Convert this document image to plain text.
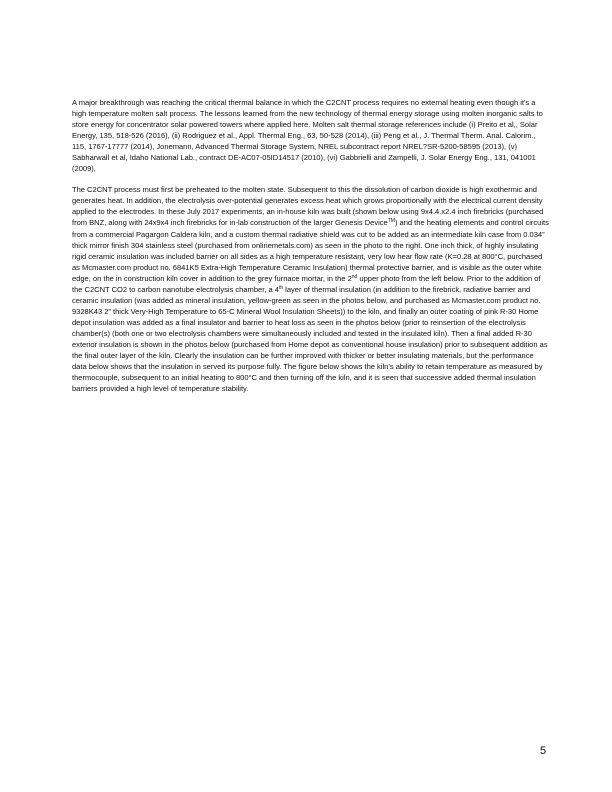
A major breakthrough was reaching the critical thermal balance in which the C2CNT process requires no external heating even though it's a high temperature molten salt process. The lessons learned from the new technology of thermal energy storage using molten inorganic salts to store energy for concentrator solar powered towers where applied here. Molten salt thermal storage references include (i) Preito et al,, Solar Energy, 135, 518-526 (2016), (ii) Rodriguez et al., Appl. Thermal Eng., 63, 50-528 (2014), (iii) Peng et al., J. Thermal Therm. Anal. Calorim., 115, 1767-17777 (2014), Jonemann, Advanced Thermal Storage System, NREL subcontract report NREL?SR-5200-58595 (2013), (v) Sabharwall et al, Idaho National Lab., contract DE-AC07-05ID14517 (2010), (vi) Gabbrielli and Zampelli, J. Solar Energy Eng., 131, 041001 (2009),

The C2CNT process must first be preheated to the molten state. Subsequent to this the dissolution of carbon dioxide is high exothermic and generates heat. In addition, the electrolysis over-potential generates excess heat which grows proportionally with the electrical current density applied to the electrodes. In these July 2017 experiments, an in-house kiln was built (shown below using 9x4.4.x2.4 inch firebricks (purchased from BNZ, along with 24x9x4 inch firebricks for in-lab construction of the larger Genesis Device™) and the heating elements and control circuits from a commercial Pagargon Caldera kiln, and a custom thermal radiative shield was cut to be added as an intermediate kiln case from 0.034” thick mirror finish 304 stainless steel (purchased from onlinemetals.com) as seen in the photo to the right. One inch thick, of highly insulating rigid ceramic insulation was included barrier on all sides as a high temperature resistant, very low hear flow rate (K=0.28 at 800°C, purchased as Mcmaster.com product no. 6841K5 Extra-High Temperature Ceramic Insulation) thermal protective barrier, and is visible as the outer white edge, on the in construction kiln cover in addition to the grey furnace mortar, in the 2nd upper photo from the left below. Prior to the addition of the C2CNT CO2 to carbon nanotube electrolysis chamber, a 4th layer of thermal insulation (in addition to the firebrick, radiative barrier and ceramic insulation (was added as mineral insulation, yellow-green as seen in the photos below, and purchased as Mcmaster.com product no. 9328K43 2” thick Very-High Temperature to 65-C Mineral Wool Insulation Sheets)) to the kiln, and finally an outer coating of pink R-30 Home depot insulation was added as a final insulator and barrier to heat loss as seen in the photos below (prior to reinsertion of the electrolysis chamber(s) (both one or two electrolysis chambers were simultaneously included and tested in the insulated kiln). Then a final added R-30 exterior insulation is shown in the photos below (purchased from Home depot as conventional house insulation) prior to subsequent addition as the final outer layer of the kiln. Clearly the insulation can be further improved with thicker or better insulating materials, but the performance data below shows that the insulation in served its purpose fully. The figure below shows the kiln’s ability to retain temperature as measured by thermocouple, subsequent to an initial heating to 800°C and then turning off the kiln, and it is seen that successive added thermal insulation barriers provided a high level of temperature stability.

5
